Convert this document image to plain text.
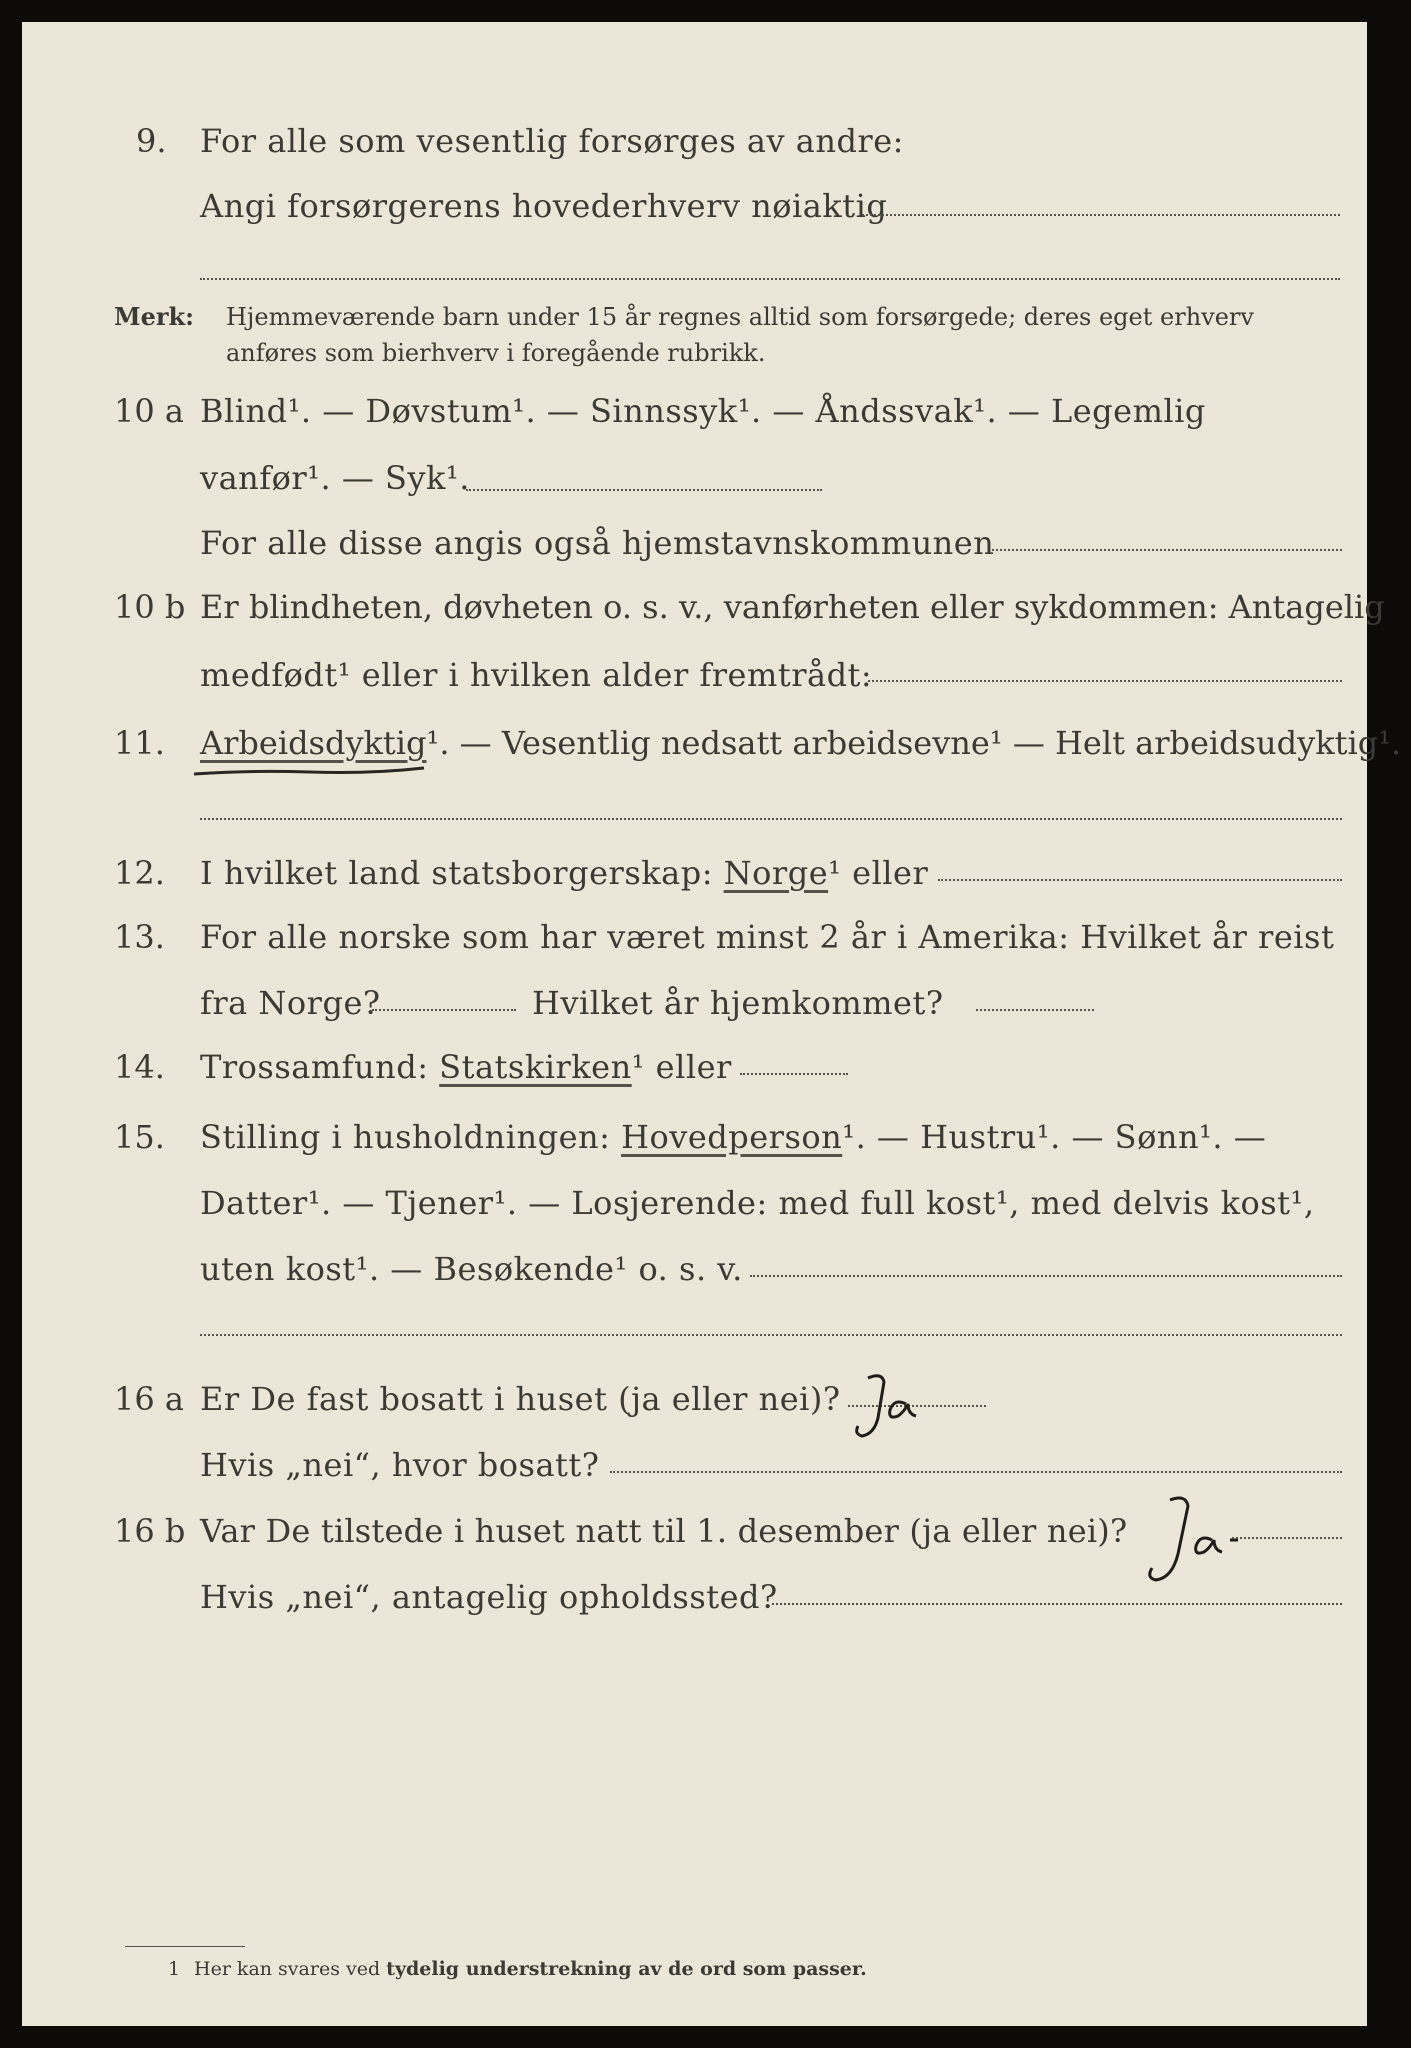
9. For alle som vesentlig forsørges av andre:
Angi forsørgerens hovederhverv nøiaktig
Merk: Hjemmeværende barn under 15 år regnes alltid som forsørgede; deres eget erhverv
anføres som bierhverv i foregående rubrikk.
10 a Blind¹. — Døvstum¹. — Sinnssyk¹. — Åndssvak¹. — Legemlig
vanfør¹. — Syk¹.
For alle disse angis også hjemstavnskommunen
10 b Er blindheten, døvheten o. s. v., vanførheten eller sykdommen: Antagelig
medfødt¹ eller i hvilken alder fremtrådt:
11. Arbeidsdyktig¹. — Vesentlig nedsatt arbeidsevne¹ — Helt arbeidsudyktig¹.
12. I hvilket land statsborgerskap: Norge¹ eller
13. For alle norske som har været minst 2 år i Amerika: Hvilket år reist
fra Norge?	Hvilket år hjemkommet?
14. Trossamfund: Statskirken¹ eller
15. Stilling i husholdningen: Hovedperson¹. — Hustru¹. — Sønn¹. —
Datter¹. — Tjener¹. — Losjerende: med full kost¹, med delvis kost¹,
uten kost¹. — Besøkende¹ o. s. v.
16 a Er De fast bosatt i huset (ja eller nei)?
Hvis „nei“, hvor bosatt?
16 b Var De tilstede i huset natt til 1. desember (ja eller nei)?
Hvis „nei“, antagelig opholdssted?
1 Her kan svares ved tydelig understrekning av de ord som passer.
